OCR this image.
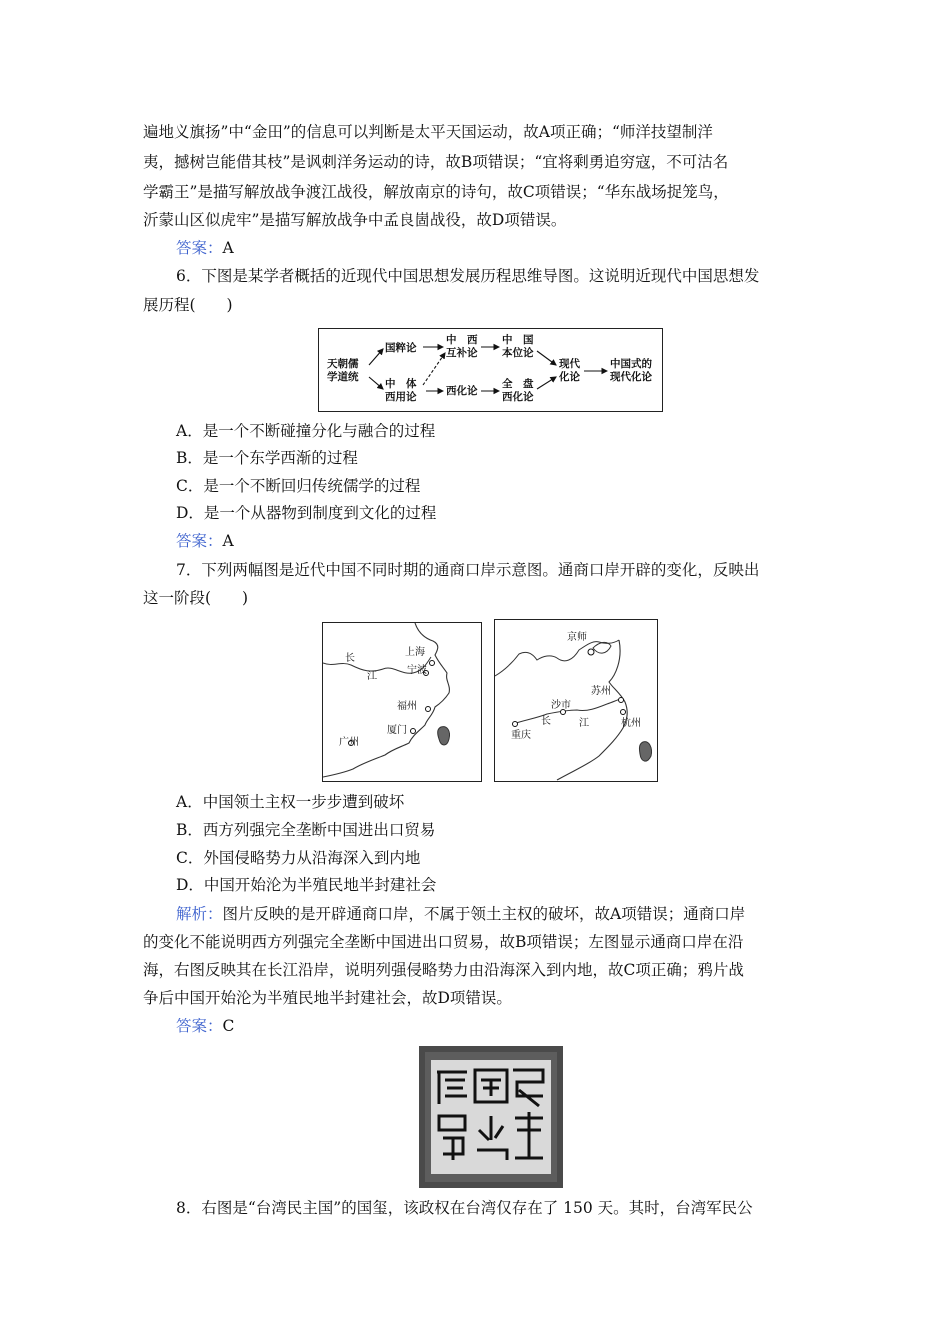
遍地义旗扬”中“金田”的信息可以判断是太平天国运动，故A项正确；“师洋技望制洋
夷，撼树岂能借其枝”是讽刺洋务运动的诗，故B项错误；“宜将剩勇追穷寇，不可沽名
学霸王”是描写解放战争渡江战役，解放南京的诗句，故C项错误；“华东战场捉笼鸟，
沂蒙山区似虎牢”是描写解放战争中孟良崮战役，故D项错误。
答案：A
6．下图是某学者概括的近现代中国思想发展历程思维导图。这说明近现代中国思想发
展历程(　　)
天朝儒
学道统
国粹论
中　体
西用论
中　西
互补论
西化论
中　国
本位论
全　盘
西化论
现代
化论
中国式的
现代化论
A．是一个不断碰撞分化与融合的过程
B．是一个东学西渐的过程
C．是一个不断回归传统儒学的过程
D．是一个从器物到制度到文化的过程
答案：A
7．下列两幅图是近代中国不同时期的通商口岸示意图。通商口岸开辟的变化，反映出
这一阶段(　　)
长
江
上海
宁波
福州
厦门
广州
京师
苏州
沙市
杭州
重庆
长	江
A．中国领土主权一步步遭到破坏
B．西方列强完全垄断中国进出口贸易
C．外国侵略势力从沿海深入到内地
D．中国开始沦为半殖民地半封建社会
解析：图片反映的是开辟通商口岸，不属于领土主权的破坏，故A项错误；通商口岸
的变化不能说明西方列强完全垄断中国进出口贸易，故B项错误；左图显示通商口岸在沿
海，右图反映其在长江沿岸，说明列强侵略势力由沿海深入到内地，故C项正确；鸦片战
争后中国开始沦为半殖民地半封建社会，故D项错误。
答案：C
8．右图是“台湾民主国”的国玺，该政权在台湾仅存在了 150 天。其时，台湾军民公
